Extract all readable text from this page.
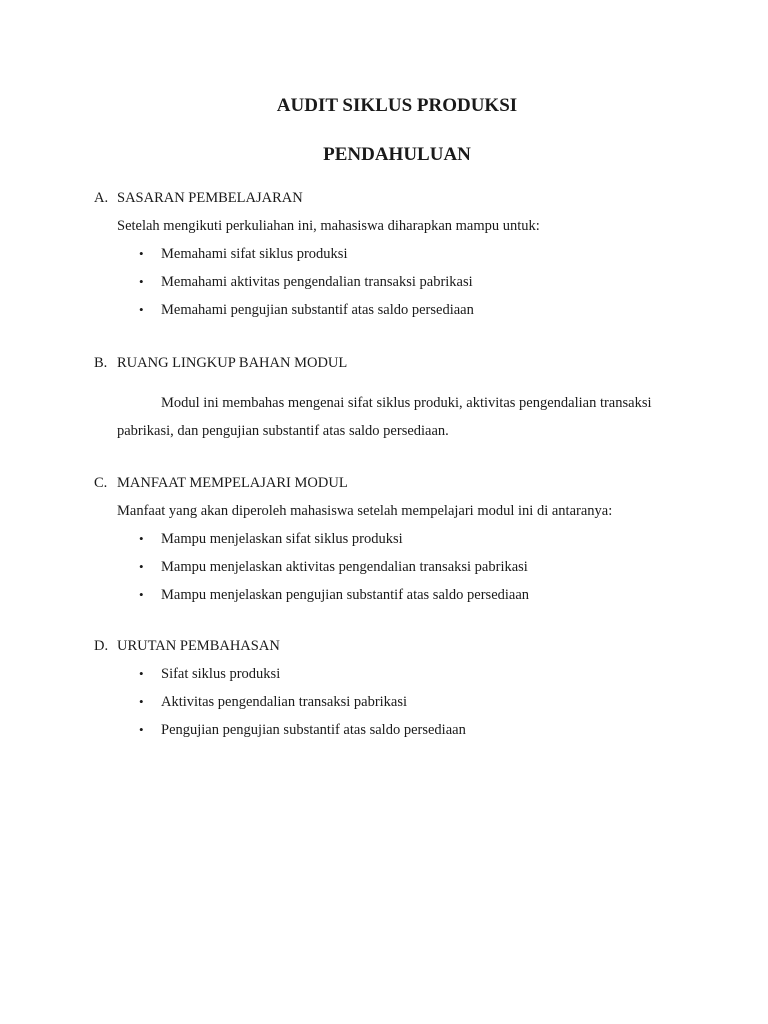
AUDIT SIKLUS PRODUKSI
PENDAHULUAN
A. SASARAN PEMBELAJARAN

Setelah mengikuti perkuliahan ini, mahasiswa diharapkan mampu untuk:

• Memahami sifat siklus produksi
• Memahami aktivitas pengendalian transaksi pabrikasi
• Memahami pengujian substantif atas saldo persediaan
B. RUANG LINGKUP BAHAN MODUL

Modul ini membahas mengenai sifat siklus produki, aktivitas pengendalian transaksi pabrikasi, dan pengujian substantif atas saldo persediaan.

C. MANFAAT MEMPELAJARI MODUL

Manfaat yang akan diperoleh mahasiswa setelah mempelajari modul ini di antaranya:

• Mampu menjelaskan sifat siklus produksi
• Mampu menjelaskan aktivitas pengendalian transaksi pabrikasi
• Mampu menjelaskan pengujian substantif atas saldo persediaan
D. URUTAN PEMBAHASAN
• Sifat siklus produksi
• Aktivitas pengendalian transaksi pabrikasi
• Pengujian pengujian substantif atas saldo persediaan
